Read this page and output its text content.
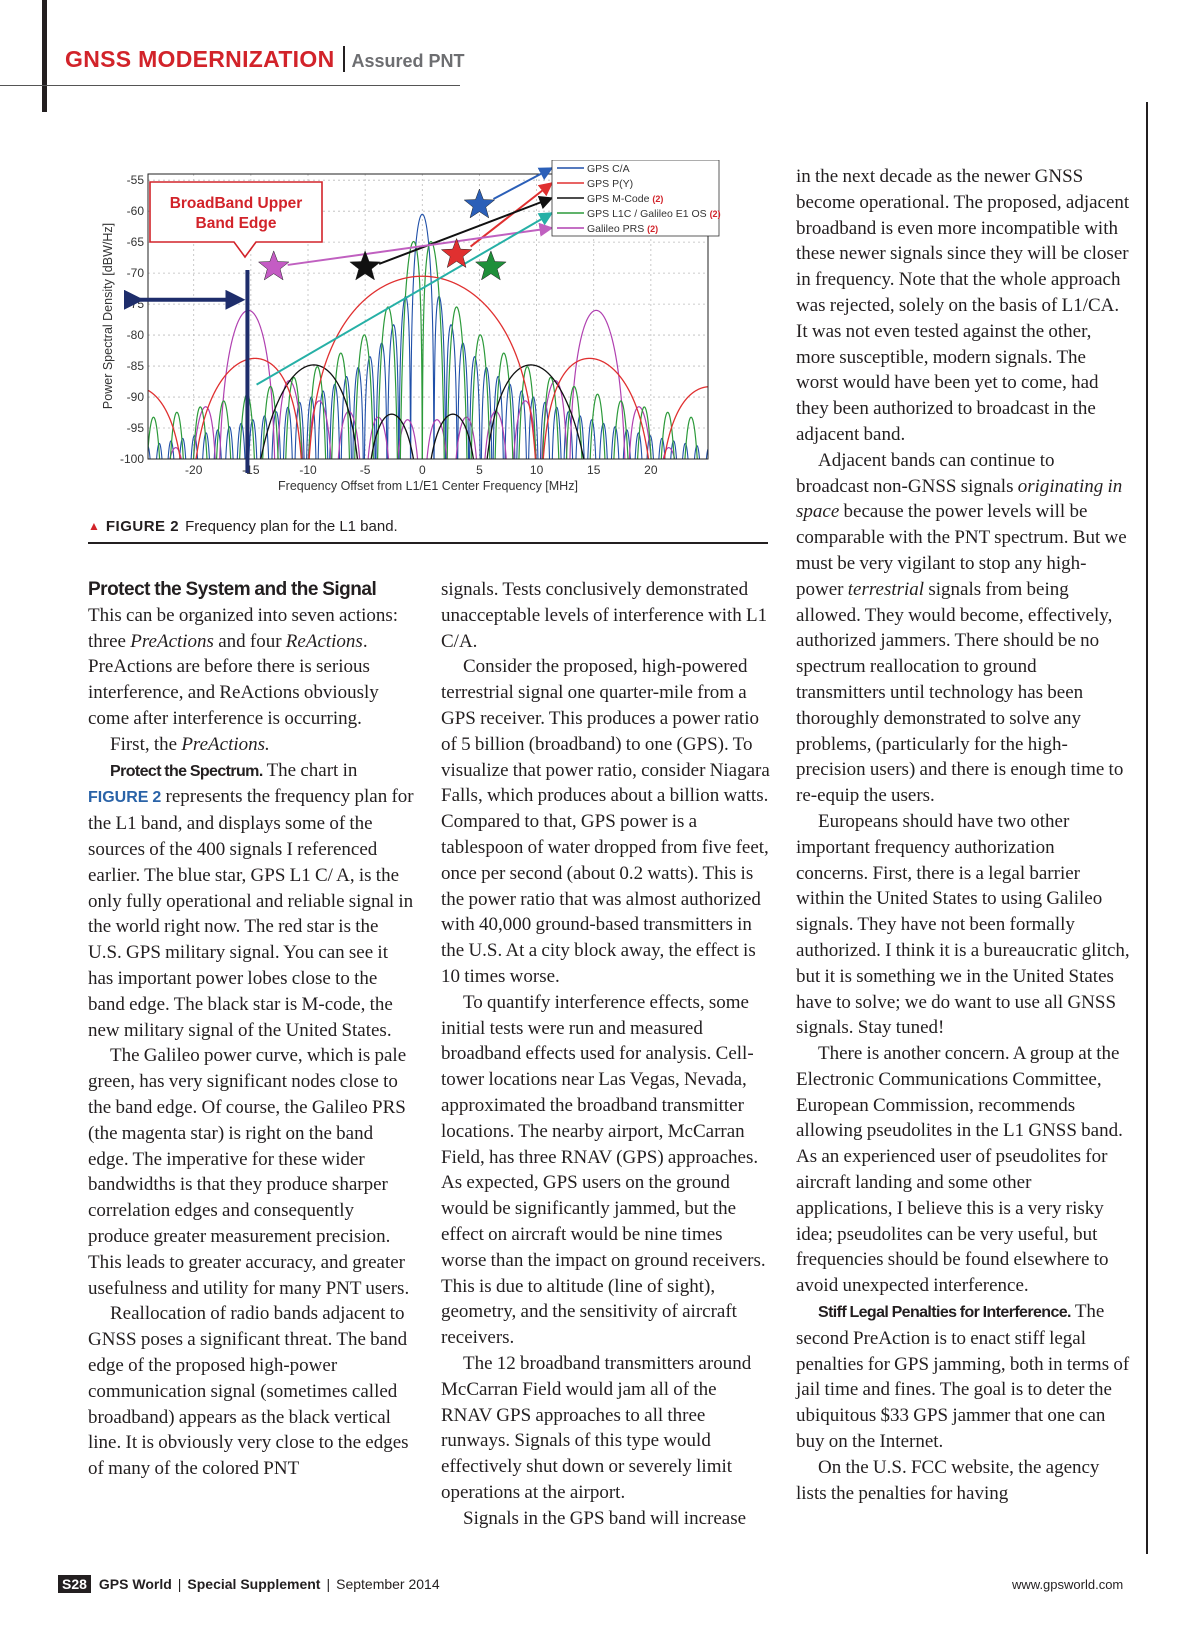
GNSS MODERNIZATION Assured PNT
-20	-15	-10	-5	0	5	10	15	20
-55
-60
-65
-70
-75
-80
-85
-90
-95
-100
Power Spectral Density [dBW/Hz]
Frequency Offset from L1/E1 Center Frequency [MHz]
BroadBand Upper
Band Edge
GPS C/A
GPS P(Y)
GPS M-Code (2)
GPS L1C / Galileo E1 OS (2)
Galileo PRS (2)
▲ FIGURE 2 Frequency plan for the L1 band.

Protect the System and the Signal

This can be organized into seven actions: three PreActions and four ReActions. PreActions are before there is serious interference, and ReActions obviously come after interference is occurring.

First, the PreActions.

Protect the Spectrum. The chart in FIGURE 2 represents the frequency plan for the L1 band, and displays some of the sources of the 400 signals I referenced earlier. The blue star, GPS L1 C/ A, is the only fully operational and reliable signal in the world right now. The red star is the U.S. GPS military signal. You can see it has important power lobes close to the band edge. The black star is M-code, the new military signal of the United States.

The Galileo power curve, which is pale green, has very significant nodes close to the band edge. Of course, the Galileo PRS (the magenta star) is right on the band edge. The imperative for these wider bandwidths is that they produce sharper correlation edges and consequently produce greater measurement precision. This leads to greater accuracy, and greater usefulness and utility for many PNT users.

Reallocation of radio bands adjacent to GNSS poses a significant threat. The band edge of the proposed high-power communication signal (sometimes called broadband) appears as the black vertical line. It is obviously very close to the edges of many of the colored PNT

signals. Tests conclusively demonstrated unacceptable levels of interference with L1 C/A.

Consider the proposed, high-powered terrestrial signal one quarter-mile from a GPS receiver. This produces a power ratio of 5 billion (broadband) to one (GPS). To visualize that power ratio, consider Niagara Falls, which produces about a billion watts. Compared to that, GPS power is a tablespoon of water dropped from five feet, once per second (about 0.2 watts). This is the power ratio that was almost authorized with 40,000 ground-based transmitters in the U.S. At a city block away, the effect is 10 times worse.

To quantify interference effects, some initial tests were run and measured broadband effects used for analysis. Cell-tower locations near Las Vegas, Nevada, approximated the broadband transmitter locations. The nearby airport, McCarran Field, has three RNAV (GPS) approaches. As expected, GPS users on the ground would be significantly jammed, but the effect on aircraft would be nine times worse than the impact on ground receivers. This is due to altitude (line of sight), geometry, and the sensitivity of aircraft receivers.

The 12 broadband transmitters around McCarran Field would jam all of the RNAV GPS approaches to all three runways. Signals of this type would effectively shut down or severely limit operations at the airport.

Signals in the GPS band will increase

in the next decade as the newer GNSS become operational. The proposed, adjacent broadband is even more incompatible with these newer signals since they will be closer in frequency. Note that the whole approach was rejected, solely on the basis of L1/CA. It was not even tested against the other, more susceptible, modern signals. The worst would have been yet to come, had they been authorized to broadcast in the adjacent band.

Adjacent bands can continue to broadcast non-GNSS signals originating in space because the power levels will be comparable with the PNT spectrum. But we must be very vigilant to stop any high-power terrestrial signals from being allowed. They would become, effectively, authorized jammers. There should be no spectrum reallocation to ground transmitters until technology has been thoroughly demonstrated to solve any problems, (particularly for the high-precision users) and there is enough time to re-equip the users.

Europeans should have two other important frequency authorization concerns. First, there is a legal barrier within the United States to using Galileo signals. They have not been formally authorized. I think it is a bureaucratic glitch, but it is something we in the United States have to solve; we do want to use all GNSS signals. Stay tuned!

There is another concern. A group at the Electronic Communications Committee, European Commission, recommends allowing pseudolites in the L1 GNSS band. As an experienced user of pseudolites for aircraft landing and some other applications, I believe this is a very risky idea; pseudolites can be very useful, but frequencies should be found elsewhere to avoid unexpected interference.

Stiff Legal Penalties for Interference. The second PreAction is to enact stiff legal penalties for GPS jamming, both in terms of jail time and fines. The goal is to deter the ubiquitous $33 GPS jammer that one can buy on the Internet.

On the U.S. FCC website, the agency lists the penalties for having

S28 GPS World | Special Supplement | September 2014	www.gpsworld.com
